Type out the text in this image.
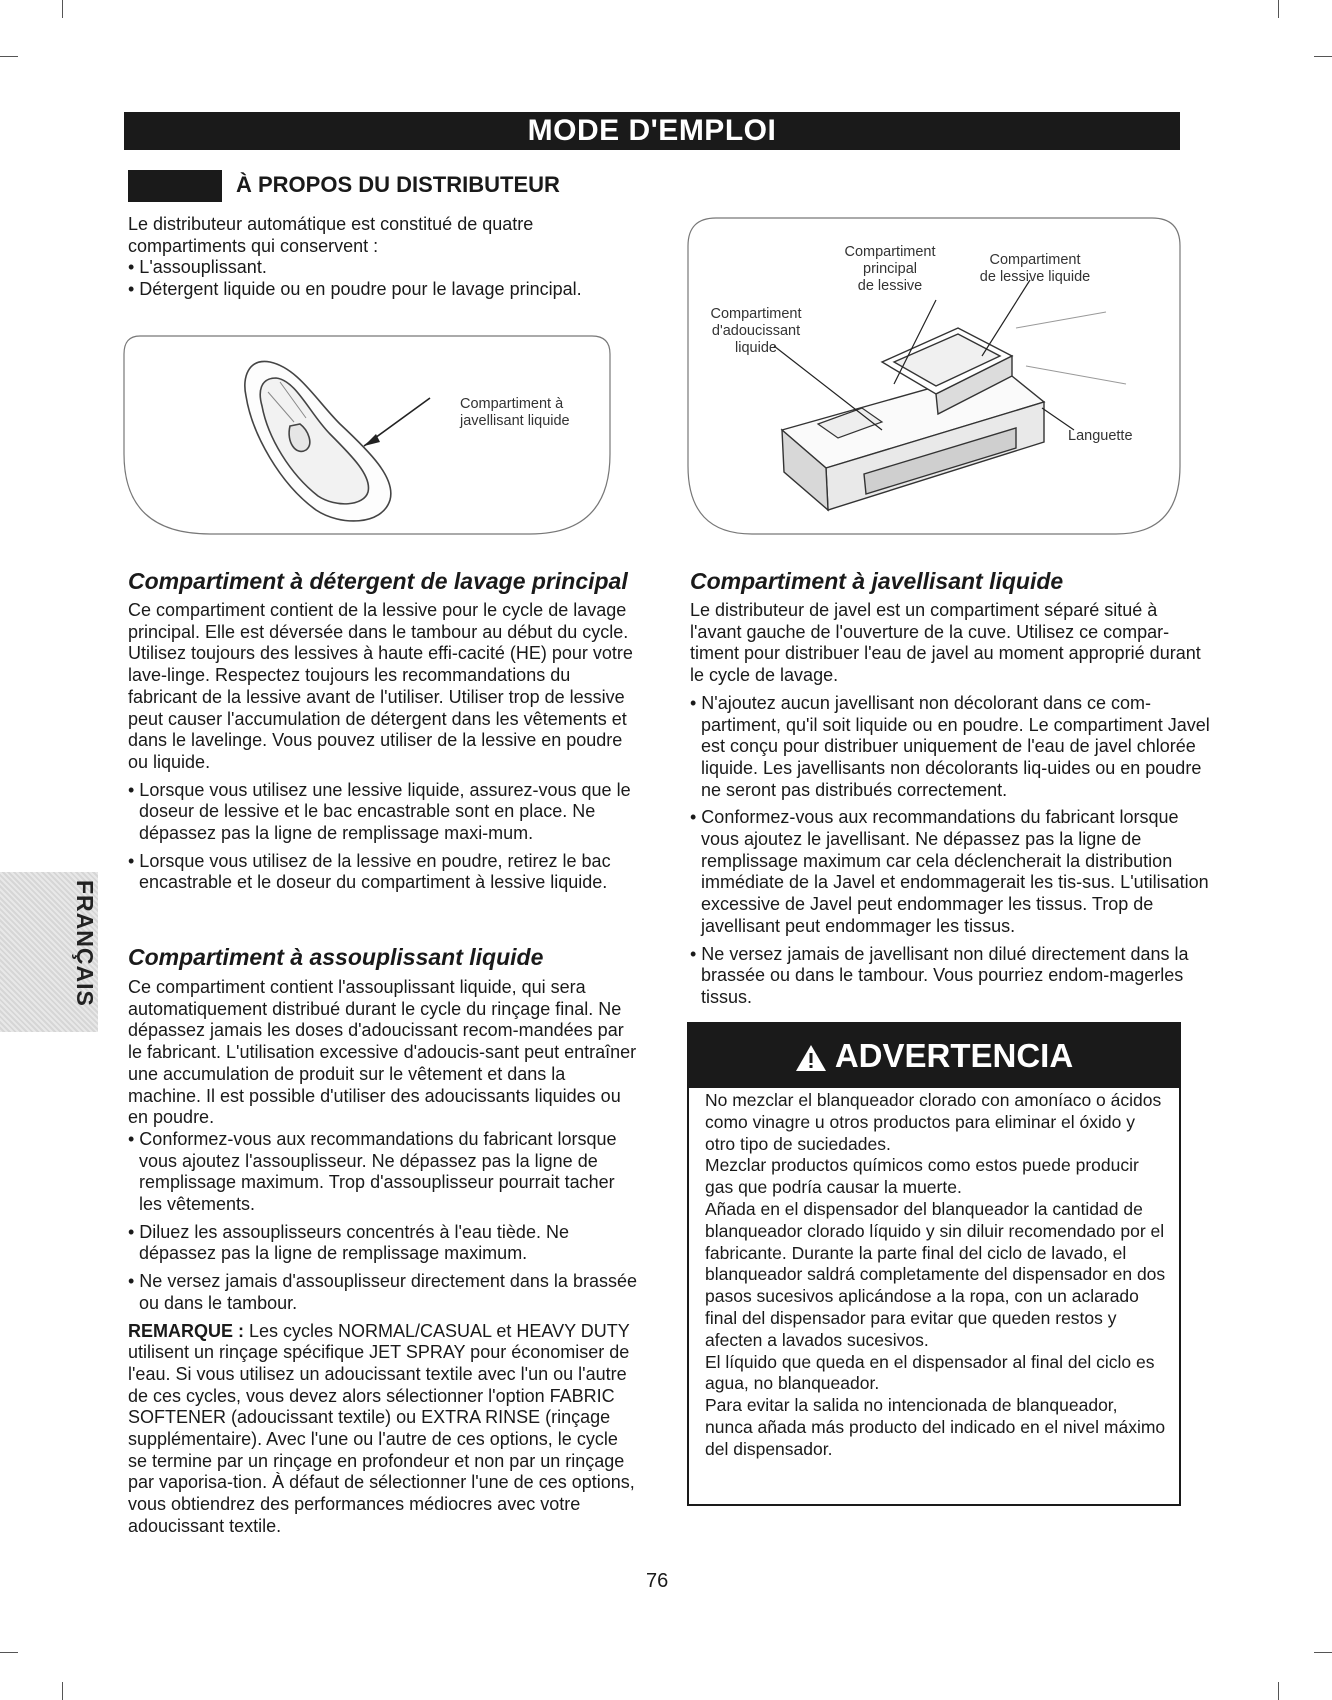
MODE D'EMPLOI
À PROPOS DU DISTRIBUTEUR

Le distributeur automátique est constitué de quatre

compartiments qui conservent :

• L'assouplissant.

• Détergent liquide ou en poudre pour le lavage principal.

Compartiment à
javellisant liquide
Compartiment
principal
de lessive
Compartiment
de lessive liquide
Compartiment
d'adoucissant
liquide
Languette
Compartiment à détergent de lavage principal

Ce compartiment contient de la lessive pour le cycle de lavage principal. Elle est déversée dans le tambour au début du cycle. Utilisez toujours des lessives à haute effi-cacité (HE) pour votre lave-linge. Respectez toujours les recommandations du fabricant de la lessive avant de l'utiliser. Utiliser trop de lessive peut causer l'accumulation de détergent dans les vêtements et dans le lavelinge. Vous pouvez utiliser de la lessive en poudre ou liquide.

• Lorsque vous utilisez une lessive liquide, assurez-vous que le doseur de lessive et le bac encastrable sont en place. Ne dépassez pas la ligne de remplissage maxi-mum.

• Lorsque vous utilisez de la lessive en poudre, retirez le bac encastrable et le doseur du compartiment à lessive liquide.

Compartiment à assouplissant liquide

Ce compartiment contient l'assouplissant liquide, qui sera automatiquement distribué durant le cycle du rinçage final. Ne dépassez jamais les doses d'adoucissant recom-mandées par le fabricant. L'utilisation excessive d'adoucis-sant peut entraîner une accumulation de produit sur le vêtement et dans la machine. Il est possible d'utiliser des adoucissants liquides ou en poudre.

• Conformez-vous aux recommandations du fabricant lorsque vous ajoutez l'assouplisseur. Ne dépassez pas la ligne de remplissage maximum. Trop d'assouplisseur pourrait tacher les vêtements.

• Diluez les assouplisseurs concentrés à l'eau tiède. Ne dépassez pas la ligne de remplissage maximum.

• Ne versez jamais d'assouplisseur directement dans la brassée ou dans le tambour.

REMARQUE : Les cycles NORMAL/CASUAL et HEAVY DUTY utilisent un rinçage spécifique JET SPRAY pour économiser de l'eau. Si vous utilisez un adoucissant textile avec l'un ou l'autre de ces cycles, vous devez alors sélectionner l'option FABRIC SOFTENER (adoucissant textile) ou EXTRA RINSE (rinçage supplémentaire). Avec l'une ou l'autre de ces options, le cycle se termine par un rinçage en profondeur et non par un rinçage par vaporisa-tion. À défaut de sélectionner l'une de ces options, vous obtiendrez des performances médiocres avec votre adoucissant textile.

Compartiment à javellisant liquide

Le distributeur de javel est un compartiment séparé situé à l'avant gauche de l'ouverture de la cuve. Utilisez ce compar-timent pour distribuer l'eau de javel au moment approprié durant le cycle de lavage.

• N'ajoutez aucun javellisant non décolorant dans ce com-partiment, qu'il soit liquide ou en poudre. Le compartiment Javel est conçu pour distribuer uniquement de l'eau de javel chlorée liquide. Les javellisants non décolorants liq-uides ou en poudre ne seront pas distribués correctement.

• Conformez-vous aux recommandations du fabricant lorsque vous ajoutez le javellisant. Ne dépassez pas la ligne de remplissage maximum car cela déclencherait la distribution immédiate de la Javel et endommagerait les tis-sus. L'utilisation excessive de Javel peut endommager les tissus. Trop de javellisant peut endommager les tissus.

• Ne versez jamais de javellisant non dilué directement dans la brassée ou dans le tambour. Vous pourriez endom-magerles tissus.

ADVERTENCIA

No mezclar el blanqueador clorado con amoníaco o ácidos como vinagre u otros productos para eliminar el óxido y otro tipo de suciedades.

Mezclar productos químicos como estos puede producir gas que podría causar la muerte.

Añada en el dispensador del blanqueador la cantidad de blanqueador clorado líquido y sin diluir recomendado por el fabricante. Durante la parte final del ciclo de lavado, el blanqueador saldrá completamente del dispensador en dos pasos sucesivos aplicándose a la ropa, con un aclarado final del dispensador para evitar que queden restos y afecten a lavados sucesivos.

El líquido que queda en el dispensador al final del ciclo es agua, no blanqueador.

Para evitar la salida no intencionada de blanqueador, nunca añada más producto del indicado en el nivel máximo del dispensador.

FRANÇAIS
76
